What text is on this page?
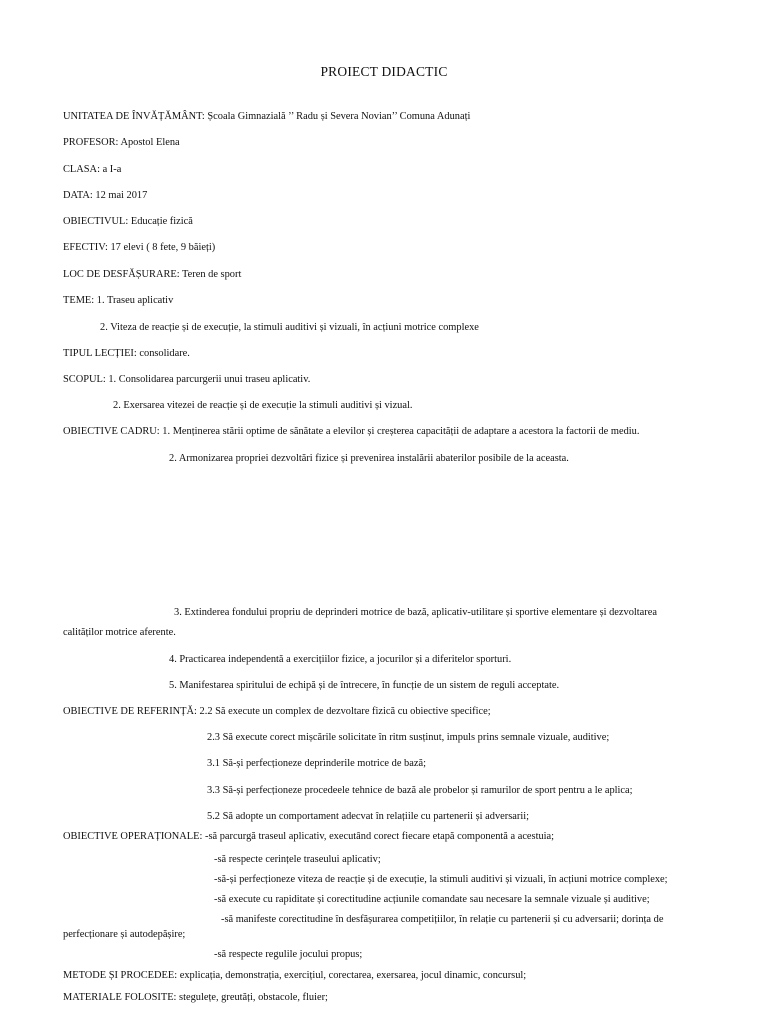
PROIECT DIDACTIC
UNITATEA DE ÎNVĂȚĂMÂNT: Școala Gimnazială ’’ Radu și Severa Novian’’ Comuna Adunați
PROFESOR: Apostol Elena
CLASA: a I-a
DATA: 12 mai 2017
OBIECTIVUL: Educație fizică
EFECTIV: 17 elevi ( 8 fete, 9 băieți)
LOC DE DESFĂȘURARE: Teren de sport
TEME: 1. Traseu aplicativ
2. Viteza de reacție și de execuție, la stimuli auditivi și vizuali, în acțiuni motrice complexe
TIPUL LECȚIEI: consolidare.
SCOPUL: 1. Consolidarea parcurgerii unui traseu aplicativ.
2. Exersarea vitezei de reacție și de execuție la stimuli auditivi și vizual.
OBIECTIVE CADRU: 1. Menținerea stării optime de sănătate a elevilor și creșterea capacității de adaptare a acestora la factorii de mediu.
2. Armonizarea propriei dezvoltări fizice și prevenirea instalării abaterilor posibile de la aceasta.
3. Extinderea fondului propriu de deprinderi motrice de bază, aplicativ-utilitare și sportive elementare și dezvoltarea
calităților motrice aferente.
4. Practicarea independentă a exercițiilor fizice, a jocurilor și a diferitelor sporturi.
5. Manifestarea spiritului de echipă și de întrecere, în funcție de un sistem de reguli acceptate.
OBIECTIVE DE REFERINȚĂ: 2.2 Să execute un complex de dezvoltare fizică cu obiective specifice;
2.3 Să execute corect mișcările solicitate în ritm susținut, impuls prins semnale vizuale, auditive;
3.1 Să-și perfecționeze deprinderile motrice de bază;
3.3 Să-și perfecționeze procedeele tehnice de bază ale probelor și ramurilor de sport pentru a le aplica;
5.2 Să adopte un comportament adecvat în relațiile cu partenerii și adversarii;
OBIECTIVE OPERAȚIONALE: -să parcurgă traseul aplicativ, executând corect fiecare etapă componentă a acestuia;
-să respecte cerințele traseului aplicativ;
-să-și perfecționeze viteza de reacție și de execuție, la stimuli auditivi și vizuali, în acțiuni motrice complexe;
-să execute cu rapiditate și corectitudine acțiunile comandate sau necesare la semnale vizuale și auditive;
-să manifeste corectitudine în desfășurarea competițiilor, în relație cu partenerii și cu adversarii; dorința de
perfecționare și autodepășire;
-să respecte regulile jocului propus;
METODE ȘI PROCEDEE: explicația, demonstrația, exercițiul, corectarea, exersarea, jocul dinamic, concursul;
MATERIALE FOLOSITE: stegulețe, greutăți, obstacole, fluier;
